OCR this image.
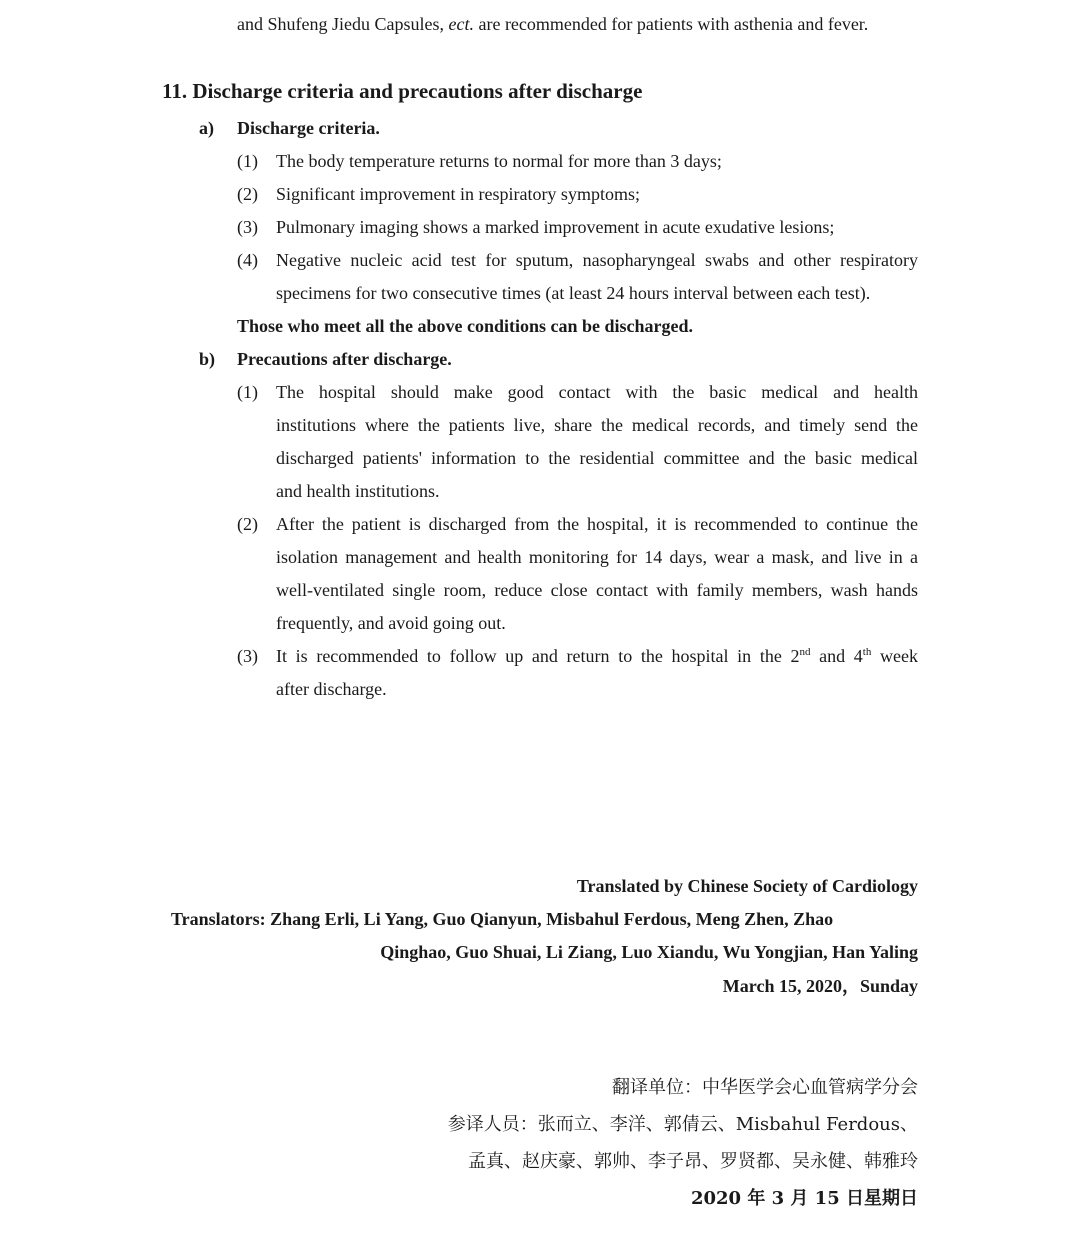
and Shufeng Jiedu Capsules, ect. are recommended for patients with asthenia and fever.
11. Discharge criteria and precautions after discharge
a) Discharge criteria.
(1) The body temperature returns to normal for more than 3 days;
(2) Significant improvement in respiratory symptoms;
(3) Pulmonary imaging shows a marked improvement in acute exudative lesions;
(4) Negative nucleic acid test for sputum, nasopharyngeal swabs and other respiratory
specimens for two consecutive times (at least 24 hours interval between each test).
Those who meet all the above conditions can be discharged.
b) Precautions after discharge.
(1) The hospital should make good contact with the basic medical and health
institutions where the patients live, share the medical records, and timely send the
discharged patients' information to the residential committee and the basic medical
and health institutions.
(2) After the patient is discharged from the hospital, it is recommended to continue the
isolation management and health monitoring for 14 days, wear a mask, and live in a
well-ventilated single room, reduce close contact with family members, wash hands
frequently, and avoid going out.
(3) It is recommended to follow up and return to the hospital in the 2nd and 4th week
after discharge.
Translated by Chinese Society of Cardiology
Translators: Zhang Erli, Li Yang, Guo Qianyun, Misbahul Ferdous, Meng Zhen, Zhao
Qinghao, Guo Shuai, Li Ziang, Luo Xiandu, Wu Yongjian, Han Yaling
March 15, 2020，Sunday
翻译单位：中华医学会心血管病学分会
参译人员：张而立、李洋、郭倩云、Misbahul Ferdous、
孟真、赵庆豪、郭帅、李子昂、罗贤都、吴永健、韩雅玲
2020 年 3 月 15 日星期日
